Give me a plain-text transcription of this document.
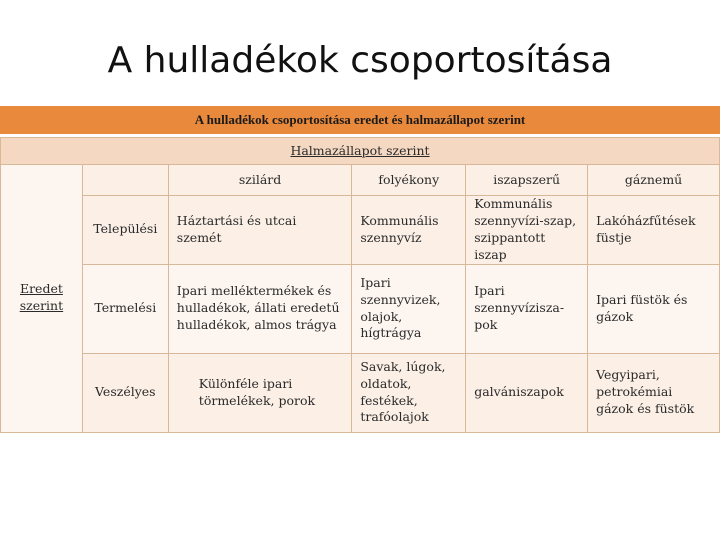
A hulladékok csoportosítása
A hulladékok csoportosítása eredet és halmazállapot szerint
Halmazállapot szerint					
Eredet szerint		szilárd	folyékony	iszapszerű	gáznemű
	Települési	Háztartási és utcai szemét	Kommunális szennyvíz	Kommunális szennyvízi-szap, szippantott iszap	Lakóházfűtések füstje
	Termelési	Ipari melléktermékek és hulladékok, állati eredetű hulladékok, almos trágya	Ipari szennyvizek, olajok, hígtrágya	Ipari szennyvízisza-pok	Ipari füstök és gázok
	Veszélyes	Különféle ipari törmelékek, porok	Savak, lúgok, oldatok, festékek, trafóolajok	galvániszapok	Vegyipari, petrokémiai gázok és füstök
